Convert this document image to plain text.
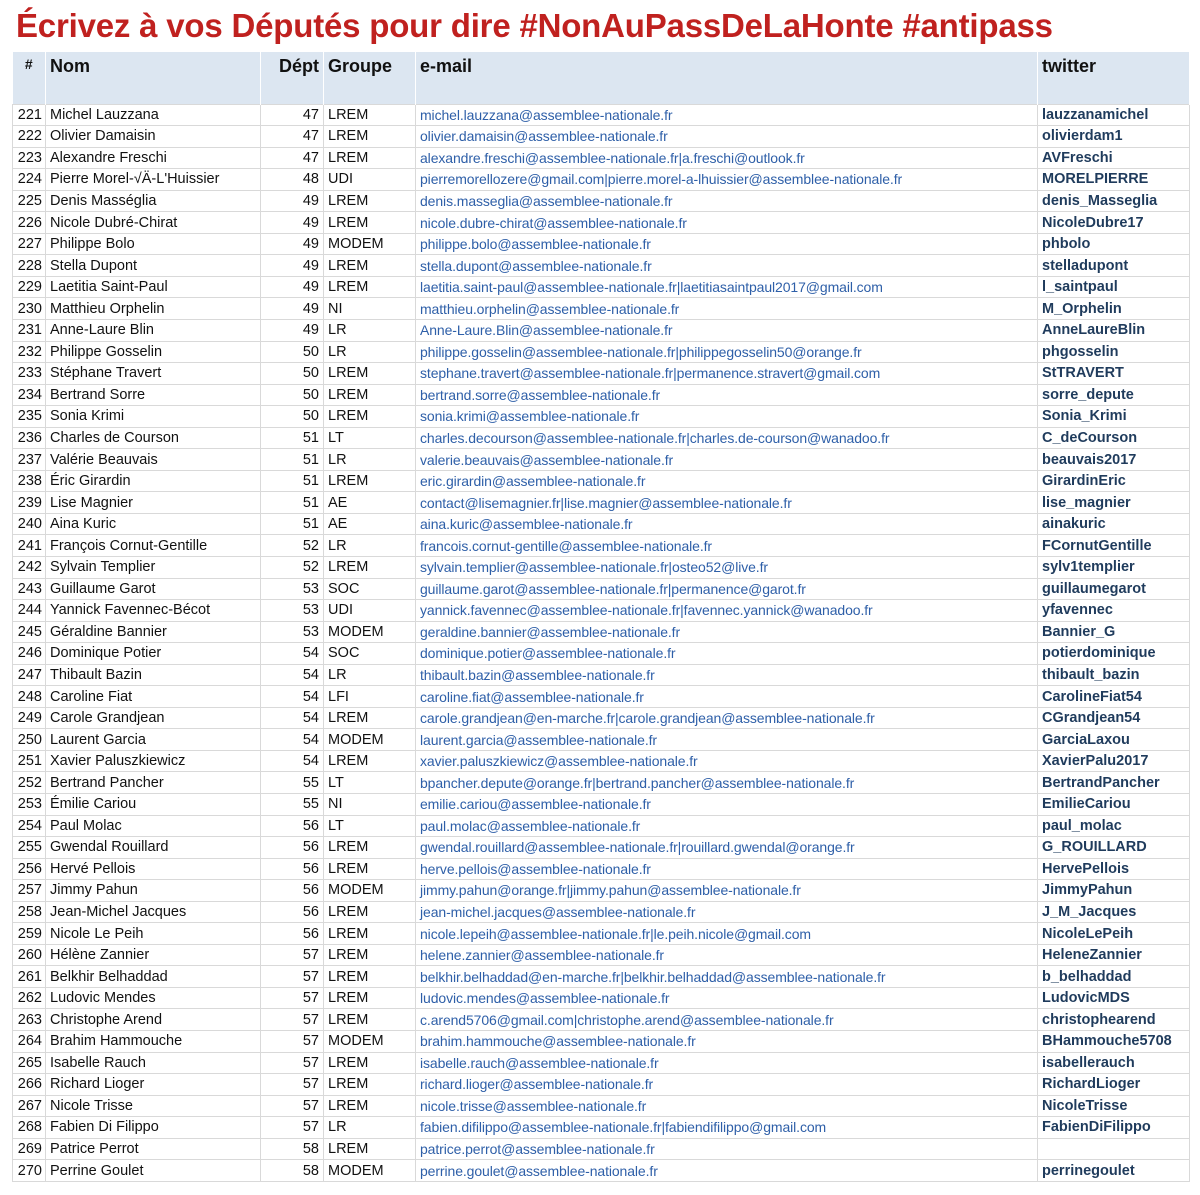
Écrivez à vos Députés pour dire #NonAuPassDeLaHonte #antipass
#	Nom	Dépt	Groupe	e-mail	twitter
221	Michel Lauzzana	47	LREM	michel.lauzzana@assemblee-nationale.fr	lauzzanamichel
222	Olivier Damaisin	47	LREM	olivier.damaisin@assemblee-nationale.fr	olivierdam1
223	Alexandre Freschi	47	LREM	alexandre.freschi@assemblee-nationale.fr|a.freschi@outlook.fr	AVFreschi
224	Pierre Morel-√Ä-L'Huissier	48	UDI	pierremorellozere@gmail.com|pierre.morel-a-lhuissier@assemblee-nationale.fr	MORELPIERRE
225	Denis Masséglia	49	LREM	denis.masseglia@assemblee-nationale.fr	denis_Masseglia
226	Nicole Dubré-Chirat	49	LREM	nicole.dubre-chirat@assemblee-nationale.fr	NicoleDubre17
227	Philippe Bolo	49	MODEM	philippe.bolo@assemblee-nationale.fr	phbolo
228	Stella Dupont	49	LREM	stella.dupont@assemblee-nationale.fr	stelladupont
229	Laetitia Saint-Paul	49	LREM	laetitia.saint-paul@assemblee-nationale.fr|laetitiasaintpaul2017@gmail.com	l_saintpaul
230	Matthieu Orphelin	49	NI	matthieu.orphelin@assemblee-nationale.fr	M_Orphelin
231	Anne-Laure Blin	49	LR	Anne-Laure.Blin@assemblee-nationale.fr	AnneLaureBlin
232	Philippe Gosselin	50	LR	philippe.gosselin@assemblee-nationale.fr|philippegosselin50@orange.fr	phgosselin
233	Stéphane Travert	50	LREM	stephane.travert@assemblee-nationale.fr|permanence.stravert@gmail.com	StTRAVERT
234	Bertrand Sorre	50	LREM	bertrand.sorre@assemblee-nationale.fr	sorre_depute
235	Sonia Krimi	50	LREM	sonia.krimi@assemblee-nationale.fr	Sonia_Krimi
236	Charles de Courson	51	LT	charles.decourson@assemblee-nationale.fr|charles.de-courson@wanadoo.fr	C_deCourson
237	Valérie Beauvais	51	LR	valerie.beauvais@assemblee-nationale.fr	beauvais2017
238	Éric Girardin	51	LREM	eric.girardin@assemblee-nationale.fr	GirardinEric
239	Lise Magnier	51	AE	contact@lisemagnier.fr|lise.magnier@assemblee-nationale.fr	lise_magnier
240	Aina Kuric	51	AE	aina.kuric@assemblee-nationale.fr	ainakuric
241	François Cornut-Gentille	52	LR	francois.cornut-gentille@assemblee-nationale.fr	FCornutGentille
242	Sylvain Templier	52	LREM	sylvain.templier@assemblee-nationale.fr|osteo52@live.fr	sylv1templier
243	Guillaume Garot	53	SOC	guillaume.garot@assemblee-nationale.fr|permanence@garot.fr	guillaumegarot
244	Yannick Favennec-Bécot	53	UDI	yannick.favennec@assemblee-nationale.fr|favennec.yannick@wanadoo.fr	yfavennec
245	Géraldine Bannier	53	MODEM	geraldine.bannier@assemblee-nationale.fr	Bannier_G
246	Dominique Potier	54	SOC	dominique.potier@assemblee-nationale.fr	potierdominique
247	Thibault Bazin	54	LR	thibault.bazin@assemblee-nationale.fr	thibault_bazin
248	Caroline Fiat	54	LFI	caroline.fiat@assemblee-nationale.fr	CarolineFiat54
249	Carole Grandjean	54	LREM	carole.grandjean@en-marche.fr|carole.grandjean@assemblee-nationale.fr	CGrandjean54
250	Laurent Garcia	54	MODEM	laurent.garcia@assemblee-nationale.fr	GarciaLaxou
251	Xavier Paluszkiewicz	54	LREM	xavier.paluszkiewicz@assemblee-nationale.fr	XavierPalu2017
252	Bertrand Pancher	55	LT	bpancher.depute@orange.fr|bertrand.pancher@assemblee-nationale.fr	BertrandPancher
253	Émilie Cariou	55	NI	emilie.cariou@assemblee-nationale.fr	EmilieCariou
254	Paul Molac	56	LT	paul.molac@assemblee-nationale.fr	paul_molac
255	Gwendal Rouillard	56	LREM	gwendal.rouillard@assemblee-nationale.fr|rouillard.gwendal@orange.fr	G_ROUILLARD
256	Hervé Pellois	56	LREM	herve.pellois@assemblee-nationale.fr	HervePellois
257	Jimmy Pahun	56	MODEM	jimmy.pahun@orange.fr|jimmy.pahun@assemblee-nationale.fr	JimmyPahun
258	Jean-Michel Jacques	56	LREM	jean-michel.jacques@assemblee-nationale.fr	J_M_Jacques
259	Nicole Le Peih	56	LREM	nicole.lepeih@assemblee-nationale.fr|le.peih.nicole@gmail.com	NicoleLePeih
260	Hélène Zannier	57	LREM	helene.zannier@assemblee-nationale.fr	HeleneZannier
261	Belkhir Belhaddad	57	LREM	belkhir.belhaddad@en-marche.fr|belkhir.belhaddad@assemblee-nationale.fr	b_belhaddad
262	Ludovic Mendes	57	LREM	ludovic.mendes@assemblee-nationale.fr	LudovicMDS
263	Christophe Arend	57	LREM	c.arend5706@gmail.com|christophe.arend@assemblee-nationale.fr	christophearend
264	Brahim Hammouche	57	MODEM	brahim.hammouche@assemblee-nationale.fr	BHammouche5708
265	Isabelle Rauch	57	LREM	isabelle.rauch@assemblee-nationale.fr	isabellerauch
266	Richard Lioger	57	LREM	richard.lioger@assemblee-nationale.fr	RichardLioger
267	Nicole Trisse	57	LREM	nicole.trisse@assemblee-nationale.fr	NicoleTrisse
268	Fabien Di Filippo	57	LR	fabien.difilippo@assemblee-nationale.fr|fabiendifilippo@gmail.com	FabienDiFilippo
269	Patrice Perrot	58	LREM	patrice.perrot@assemblee-nationale.fr	
270	Perrine Goulet	58	MODEM	perrine.goulet@assemblee-nationale.fr	perrinegoulet
